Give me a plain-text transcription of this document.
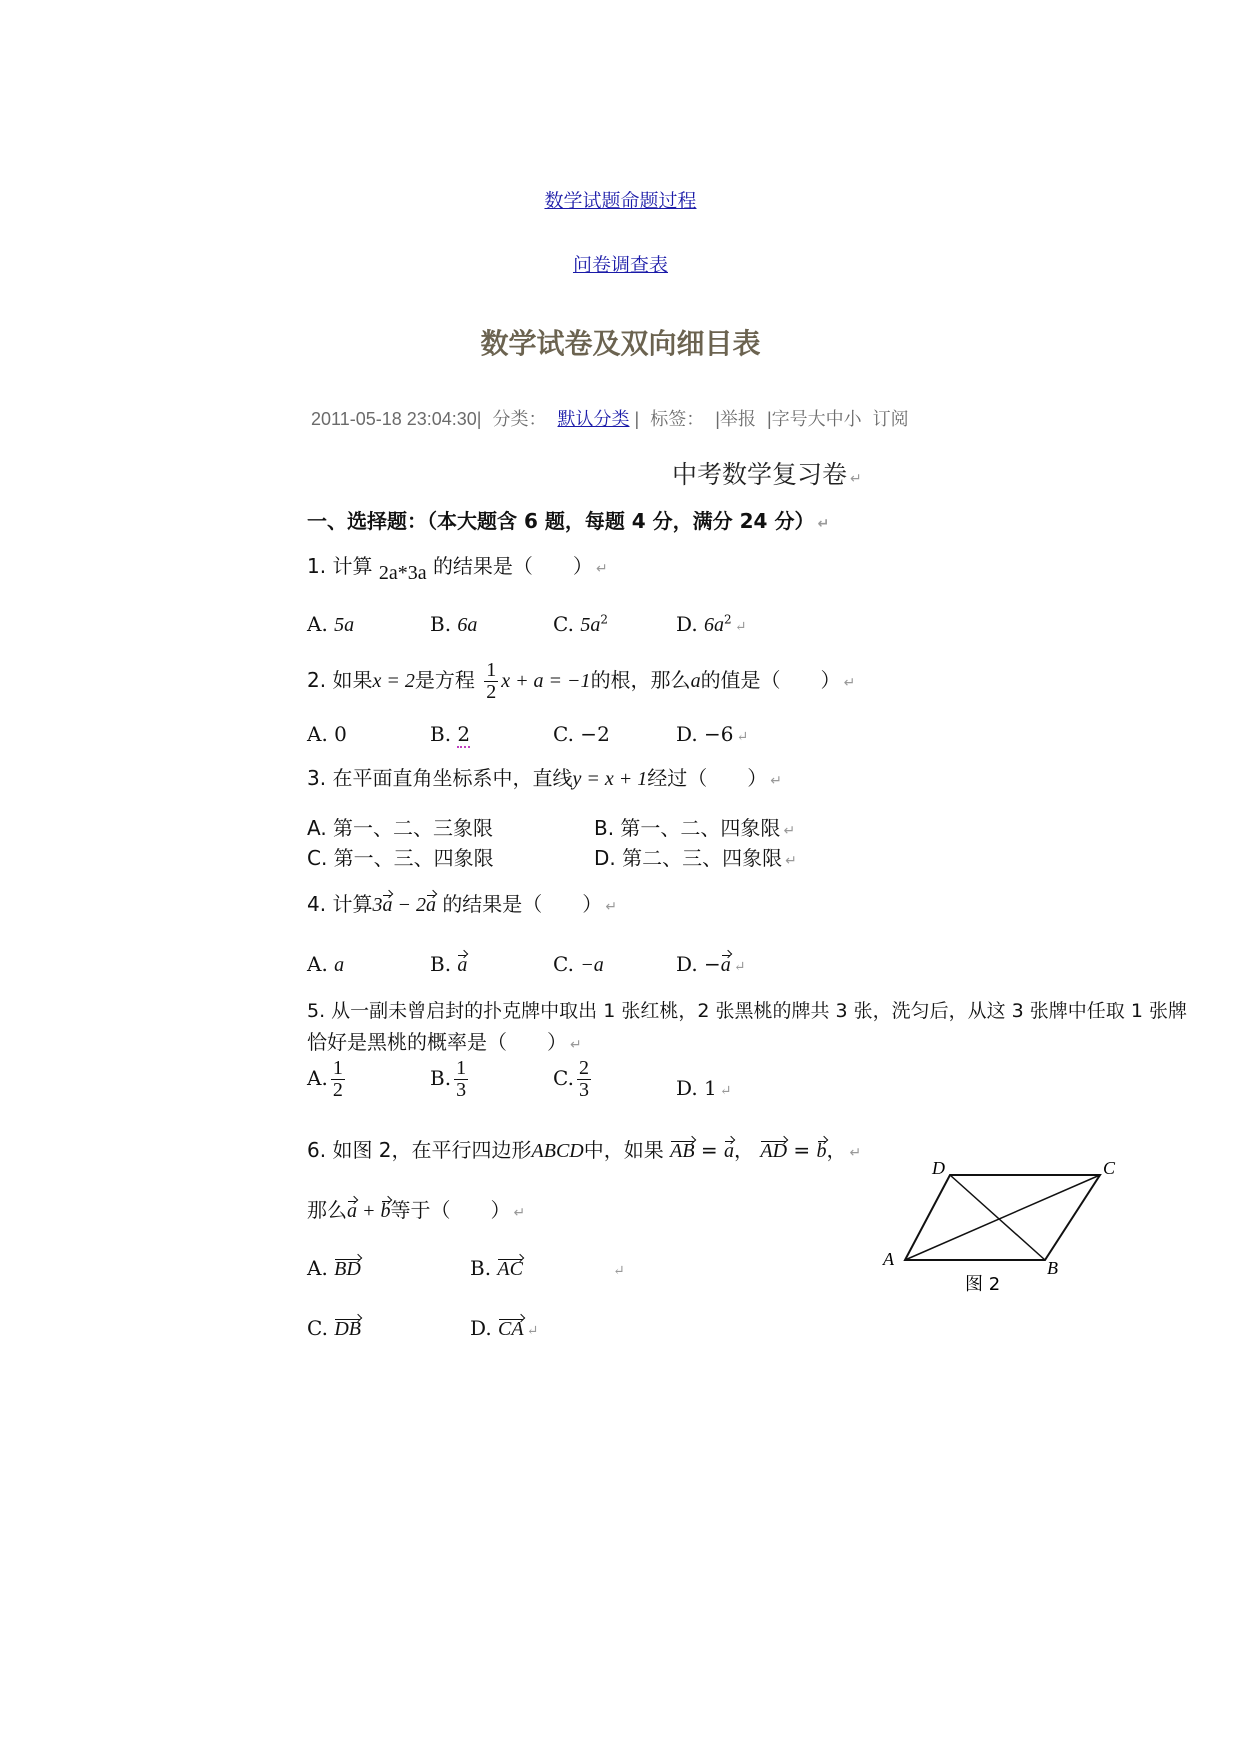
数学试题命题过程
问卷调查表
数学试卷及双向细目表
2011-05-18 23:04:30| 分类： 默认分类 | 标签： |举报 |字号大中小 订阅
中考数学复习卷 ↵
一、选择题：（本大题含 6 题，每题 4 分，满分 24 分） ↵
1. 计算 2a*3a 的结果是（　　） ↵
A. 5a	B. 6a	C. $5a^2$	D. $6a^2$ ↵
2. 如果x = 2是方程 $\frac{1}{2}$ x + a = −1的根，那么a的值是（　　） ↵
A. 0	B. 2	C. −2	D. −6 ↵
3. 在平面直角坐标系中，直线y = x + 1经过（　　） ↵
A. 第一、二、三象限	B. 第一、二、四象限 ↵
C. 第一、三、四象限	D. 第二、三、四象限 ↵
4. 计算3a − 2a 的结果是（　　） ↵
A. a	B. a	C. −a	D. −a ↵
5. 从一副未曾启封的扑克牌中取出 1 张红桃，2 张黑桃的牌共 3 张，洗匀后，从这 3 张牌中任取 1 张牌
恰好是黑桃的概率是（　　） ↵
A. $\frac{1}{2}$	B. $\frac{1}{3}$	C. $\frac{2}{3}$	D. 1 ↵
6. 如图 2，在平行四边形ABCD中，如果 AB = a， AD = b， ↵
那么a + b等于（　　） ↵
A. BD	B. AC	↵
C. DB	D. CA ↵
D	C
A	B
图 2
